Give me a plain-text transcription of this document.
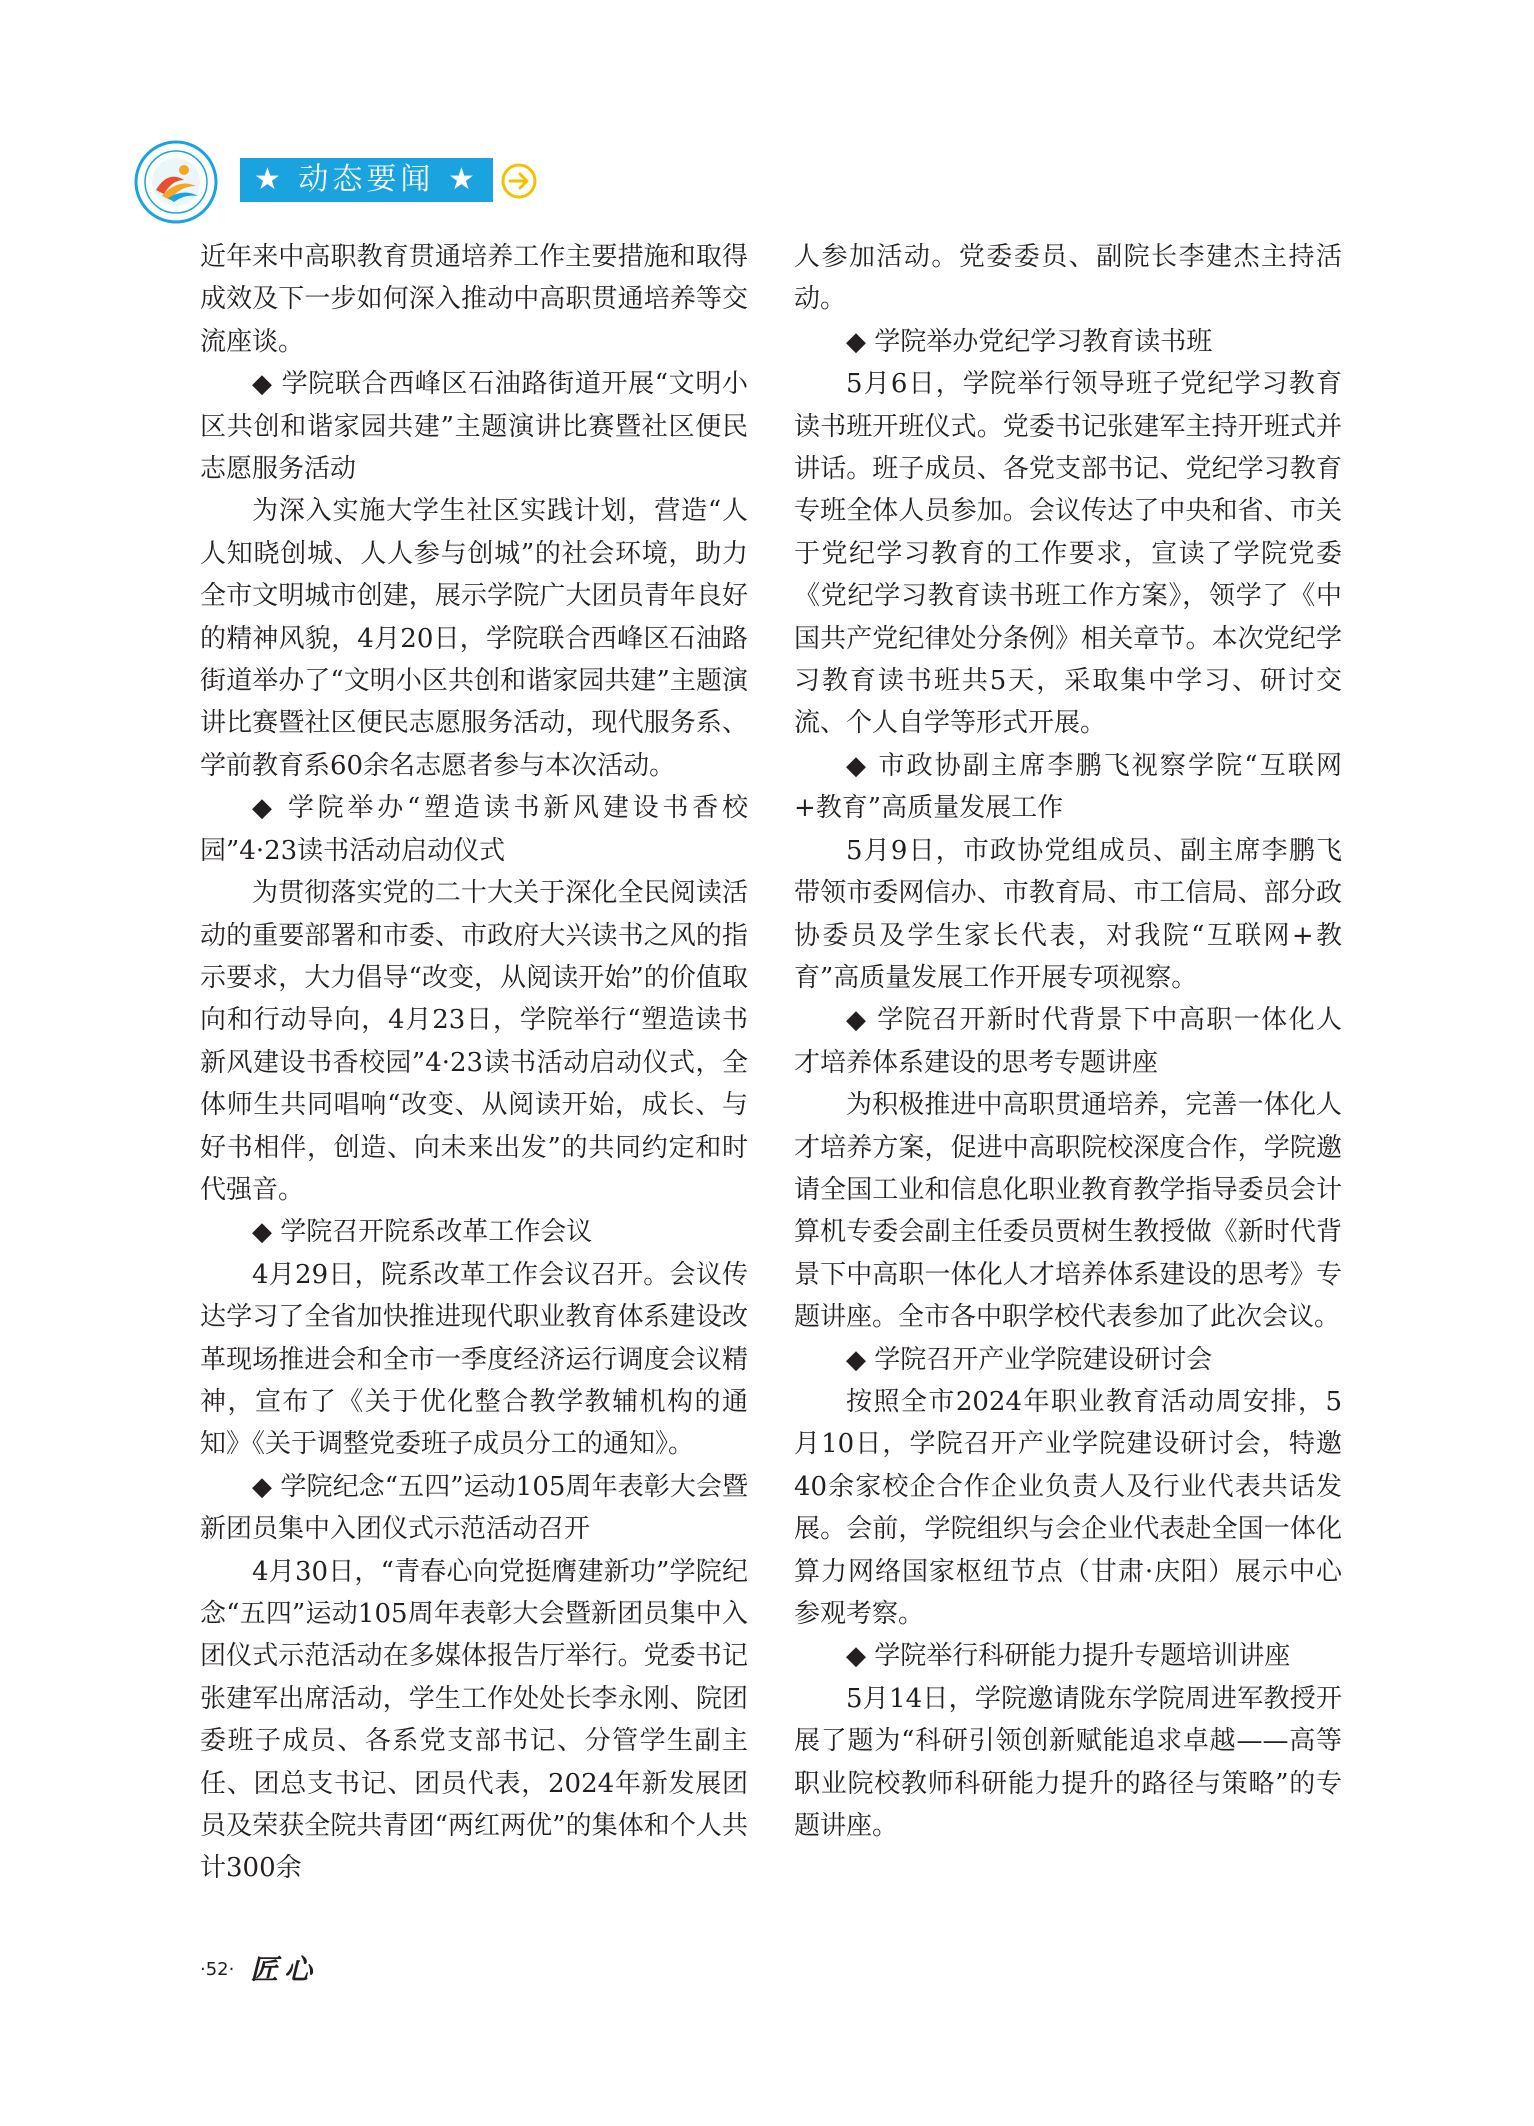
★ 动态要闻 ★

近年来中高职教育贯通培养工作主要措施和取得成效及下一步如何深入推动中高职贯通培养等交流座谈。

◆ 学院联合西峰区石油路街道开展“文明小区共创和谐家园共建”主题演讲比赛暨社区便民志愿服务活动

为深入实施大学生社区实践计划，营造“人人知晓创城、人人参与创城”的社会环境，助力全市文明城市创建，展示学院广大团员青年良好的精神风貌，4月20日，学院联合西峰区石油路街道举办了“文明小区共创和谐家园共建”主题演讲比赛暨社区便民志愿服务活动，现代服务系、学前教育系60余名志愿者参与本次活动。

◆ 学院举办“塑造读书新风建设书香校园”4·23读书活动启动仪式

为贯彻落实党的二十大关于深化全民阅读活动的重要部署和市委、市政府大兴读书之风的指示要求，大力倡导“改变，从阅读开始”的价值取向和行动导向，4月23日，学院举行“塑造读书新风建设书香校园”4·23读书活动启动仪式，全体师生共同唱响“改变、从阅读开始，成长、与好书相伴，创造、向未来出发”的共同约定和时代强音。

◆ 学院召开院系改革工作会议

4月29日，院系改革工作会议召开。会议传达学习了全省加快推进现代职业教育体系建设改革现场推进会和全市一季度经济运行调度会议精神，宣布了《关于优化整合教学教辅机构的通知》《关于调整党委班子成员分工的通知》。

◆ 学院纪念“五四”运动105周年表彰大会暨新团员集中入团仪式示范活动召开

4月30日，“青春心向党挺膺建新功”学院纪念“五四”运动105周年表彰大会暨新团员集中入团仪式示范活动在多媒体报告厅举行。党委书记张建军出席活动，学生工作处处长李永刚、院团委班子成员、各系党支部书记、分管学生副主任、团总支书记、团员代表，2024年新发展团员及荣获全院共青团“两红两优”的集体和个人共计300余

人参加活动。党委委员、副院长李建杰主持活动。

◆ 学院举办党纪学习教育读书班

5月6日，学院举行领导班子党纪学习教育读书班开班仪式。党委书记张建军主持开班式并讲话。班子成员、各党支部书记、党纪学习教育专班全体人员参加。会议传达了中央和省、市关于党纪学习教育的工作要求，宣读了学院党委《党纪学习教育读书班工作方案》，领学了《中国共产党纪律处分条例》相关章节。本次党纪学习教育读书班共5天，采取集中学习、研讨交流、个人自学等形式开展。

◆ 市政协副主席李鹏飞视察学院“互联网+教育”高质量发展工作

5月9日，市政协党组成员、副主席李鹏飞带领市委网信办、市教育局、市工信局、部分政协委员及学生家长代表，对我院“互联网+教育”高质量发展工作开展专项视察。

◆ 学院召开新时代背景下中高职一体化人才培养体系建设的思考专题讲座

为积极推进中高职贯通培养，完善一体化人才培养方案，促进中高职院校深度合作，学院邀请全国工业和信息化职业教育教学指导委员会计算机专委会副主任委员贾树生教授做《新时代背景下中高职一体化人才培养体系建设的思考》专题讲座。全市各中职学校代表参加了此次会议。

◆ 学院召开产业学院建设研讨会

按照全市2024年职业教育活动周安排，5月10日，学院召开产业学院建设研讨会，特邀40余家校企合作企业负责人及行业代表共话发展。会前，学院组织与会企业代表赴全国一体化算力网络国家枢纽节点（甘肃·庆阳）展示中心参观考察。

◆ 学院举行科研能力提升专题培训讲座

5月14日，学院邀请陇东学院周进军教授开展了题为“科研引领创新赋能追求卓越——高等职业院校教师科研能力提升的路径与策略”的专题讲座。

·52· 匠心
